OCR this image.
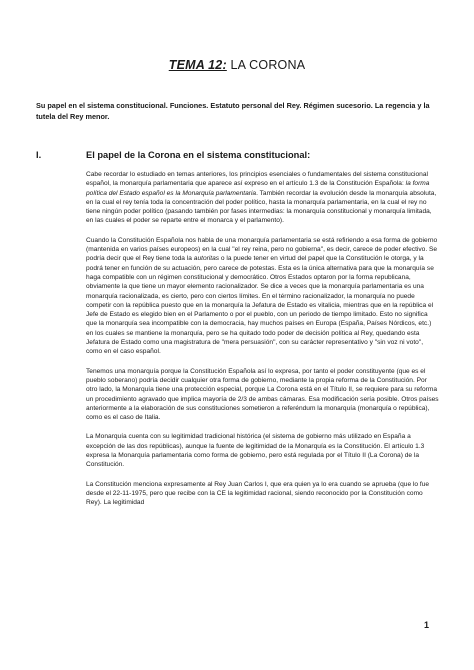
TEMA 12: LA CORONA
Su papel en el sistema constitucional. Funciones. Estatuto personal del Rey. Régimen sucesorio. La regencia y la tutela del Rey menor.
I.	El papel de la Corona en el sistema constitucional:

Cabe recordar lo estudiado en temas anteriores, los principios esenciales o fundamentales del sistema constitucional español, la monarquía parlamentaria que aparece así expreso en el artículo 1.3 de la Constitución Española: la forma política del Estado español es la Monarquía parlamentaria. También recordar la evolución desde la monarquía absoluta, en la cual el rey tenía toda la concentración del poder político, hasta la monarquía parlamentaria, en la cual el rey no tiene ningún poder político (pasando también por fases intermedias: la monarquía constitucional y monarquía limitada, en las cuales el poder se reparte entre el monarca y el parlamento).

Cuando la Constitución Española nos habla de una monarquía parlamentaria se está refiriendo a esa forma de gobierno (mantenida en varios países europeos) en la cual "el rey reina, pero no gobierna", es decir, carece de poder efectivo. Se podría decir que el Rey tiene toda la autoritas o la puede tener en virtud del papel que la Constitución le otorga, y la podrá tener en función de su actuación, pero carece de potestas. Esta es la única alternativa para que la monarquía se haga compatible con un régimen constitucional y democrático. Otros Estados optaron por la forma republicana, obviamente la que tiene un mayor elemento racionalizador. Se dice a veces que la monarquía parlamentaria es una monarquía racionalizada, es cierto, pero con ciertos límites. En el término racionalizador, la monarquía no puede competir con la república puesto que en la monarquía la Jefatura de Estado es vitalicia, mientras que en la república el Jefe de Estado es elegido bien en el Parlamento o por el pueblo, con un periodo de tiempo limitado. Esto no significa que la monarquía sea incompatible con la democracia, hay muchos países en Europa (España, Países Nórdicos, etc.) en los cuales se mantiene la monarquía, pero se ha quitado todo poder de decisión política al Rey, quedando esta Jefatura de Estado como una magistratura de "mera persuasión", con su carácter representativo y "sin voz ni voto", como en el caso español.

Tenemos una monarquía porque la Constitución Española así lo expresa, por tanto el poder constituyente (que es el pueblo soberano) podría decidir cualquier otra forma de gobierno, mediante la propia reforma de la Constitución. Por otro lado, la Monarquía tiene una protección especial, porque La Corona está en el Título II, se requiere para su reforma un procedimiento agravado que implica mayoría de 2/3 de ambas cámaras. Esa modificación sería posible. Otros países anteriormente a la elaboración de sus constituciones sometieron a referéndum la monarquía (monarquía o república), como es el caso de Italia.

La Monarquía cuenta con su legitimidad tradicional histórica (el sistema de gobierno más utilizado en España a excepción de las dos repúblicas), aunque la fuente de legitimidad de la Monarquía es la Constitución. El artículo 1.3 expresa la Monarquía parlamentaria como forma de gobierno, pero está regulada por el Título II (La Corona) de la Constitución.

La Constitución menciona expresamente al Rey Juan Carlos I, que era quien ya lo era cuando se aprueba (que lo fue desde el 22-11-1975, pero que recibe con la CE la legitimidad racional, siendo reconocido por la Constitución como Rey). La legitimidad

1
